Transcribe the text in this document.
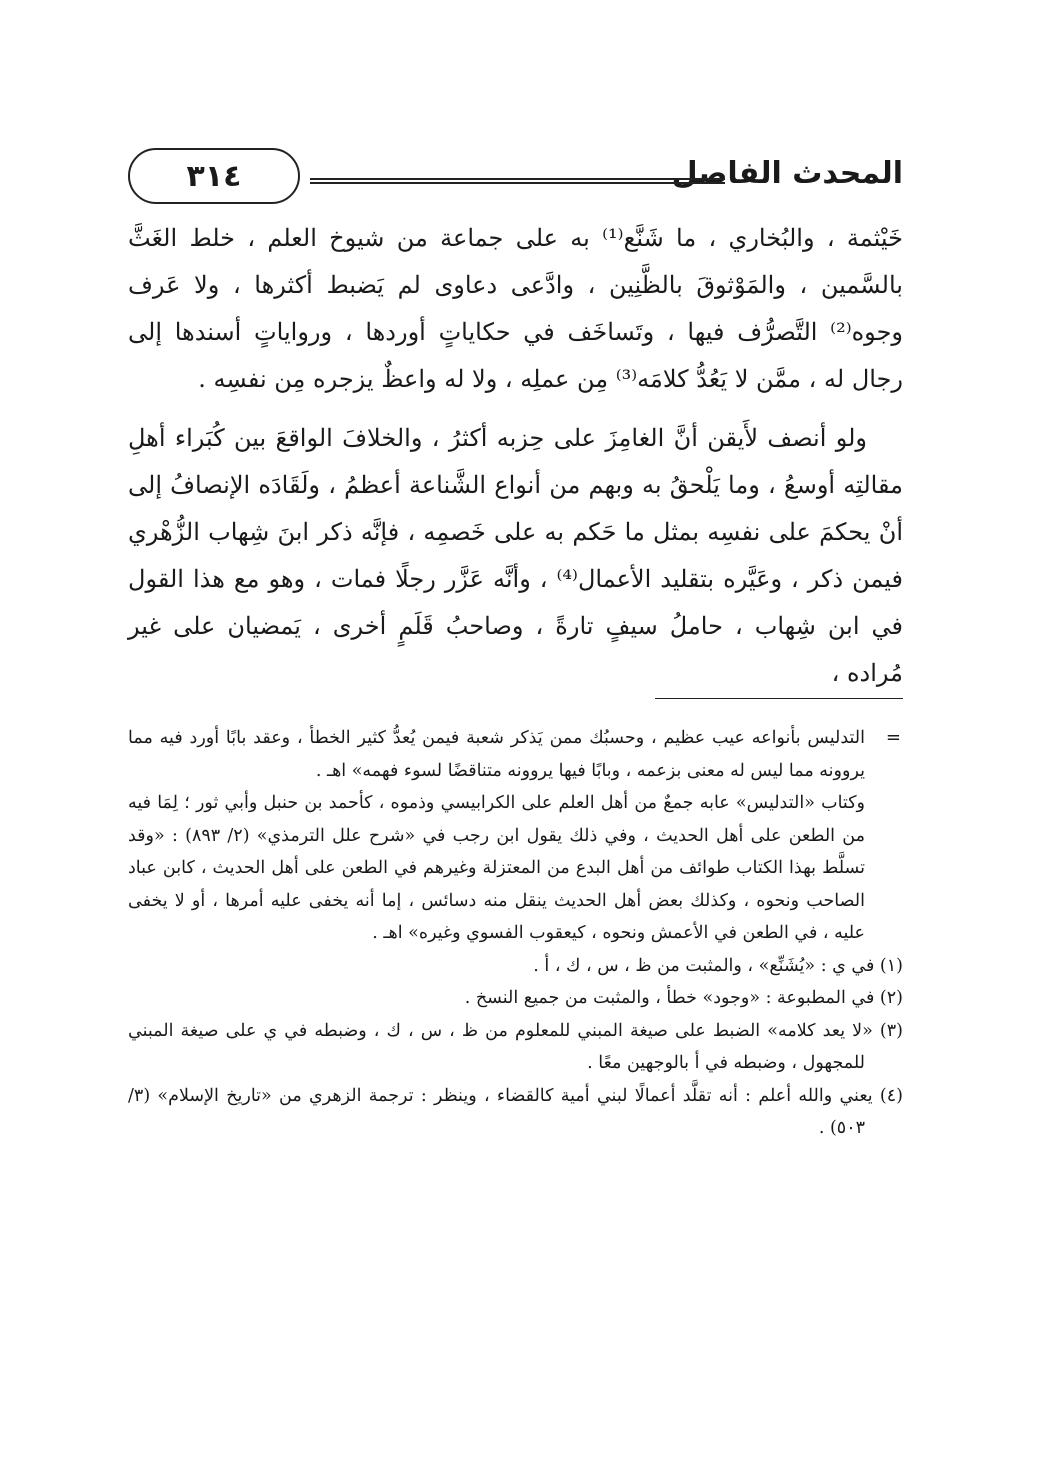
المحدث الفاصل
٣١٤

خَيْثمة ، والبُخاري ، ما شَنَّع⁽¹⁾ به على جماعة من شيوخ العلم ، خلط الغَثَّ بالسَّمين ، والمَوْثوقَ بالظَّنِين ، وادَّعى دعاوى لم يَضبط أكثرها ، ولا عَرف وجوه⁽²⁾ التَّصرُّف فيها ، وتَساخَف في حكاياتٍ أوردها ، ورواياتٍ أسندها إلى رجال له ، ممَّن لا يَعُدُّ كلامَه⁽³⁾ مِن عملِه ، ولا له واعظٌ يزجره مِن نفسِه .

ولو أنصف لأَيقن أنَّ الغامِزَ على حِزبه أكثرُ ، والخلافَ الواقعَ بين كُبَراء أهلِ مقالتِه أوسعُ ، وما يَلْحقُ به وبهم من أنواع الشَّناعة أعظمُ ، ولَقَادَه الإنصافُ إلى أنْ يحكمَ على نفسِه بمثل ما حَكم به على خَصمِه ، فإنَّه ذكر ابنَ شِهاب الزُّهْري فيمن ذكر ، وعَيَّره بتقليد الأعمال⁽⁴⁾ ، وأنَّه عَزَّر رجلًا فمات ، وهو مع هذا القول في ابن شِهاب ، حاملُ سيفٍ تارةً ، وصاحبُ قَلَمٍ أخرى ، يَمضيان على غير مُراده ،

=

التدليس بأنواعه عيب عظيم ، وحسبُك ممن يَذكر شعبة فيمن يُعدُّ كثير الخطأ ، وعقد بابًا أورد فيه مما يروونه مما ليس له معنى بزعمه ، وبابًا فيها يروونه متناقضًا لسوء فهمه» اهـ .

وكتاب «التدليس» عابه جمعٌ من أهل العلم على الكرابيسي وذموه ، كأحمد بن حنبل وأبي ثور ؛ لِمَا فيه من الطعن على أهل الحديث ، وفي ذلك يقول ابن رجب في «شرح علل الترمذي» (٢/ ٨٩٣) : «وقد تسلَّط بهذا الكتاب طوائف من أهل البدع من المعتزلة وغيرهم في الطعن على أهل الحديث ، كابن عباد الصاحب ونحوه ، وكذلك بعض أهل الحديث ينقل منه دسائس ، إما أنه يخفى عليه أمرها ، أو لا يخفى عليه ، في الطعن في الأعمش ونحوه ، كيعقوب الفسوي وغيره» اهـ .

(١) في ي : «يُشَنِّع» ، والمثبت من ظ ، س ، ك ، أ .

(٢) في المطبوعة : «وجود» خطأ ، والمثبت من جميع النسخ .

(٣) «لا يعد كلامه» الضبط على صيغة المبني للمعلوم من ظ ، س ، ك ، وضبطه في ي على صيغة المبني للمجهول ، وضبطه في أ بالوجهين معًا .

(٤) يعني والله أعلم : أنه تقلَّد أعمالًا لبني أمية كالقضاء ، وينظر : ترجمة الزهري من «تاريخ الإسلام» (٣/ ٥٠٣) .
